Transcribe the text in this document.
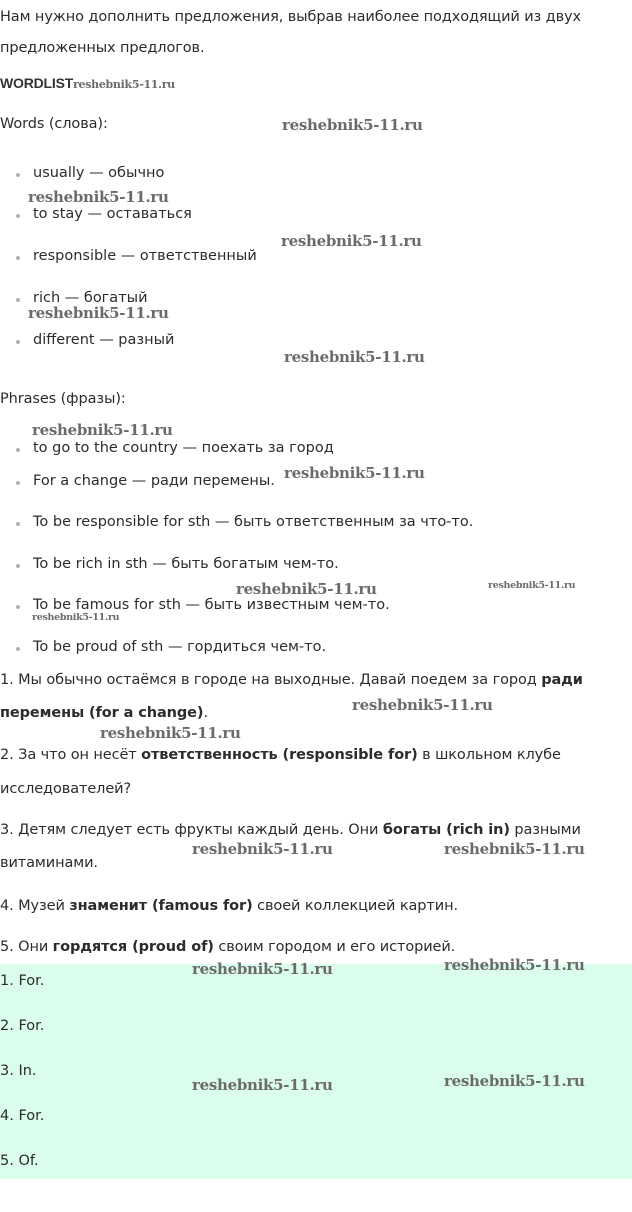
Нам нужно дополнить предложения, выбрав наиболее подходящий из двух
предложенных предлогов.
WORDLISTreshebnik5-11.ru
Words (слова):
usually — обычно
to stay — оставаться
responsible — ответственный
rich — богатый
different — разный
Phrases (фразы):
to go to the country — поехать за город
For a change — ради перемены.
To be responsible for sth — быть ответственным за что-то.
To be rich in sth — быть богатым чем-то.
To be famous for sth — быть известным чем-то.
To be proud of sth — гордиться чем-то.
1. Мы обычно остаёмся в городе на выходные. Давай поедем за город ради
перемены (for a change).
2. За что он несёт ответственность (responsible for) в школьном клубе
исследователей?
3. Детям следует есть фрукты каждый день. Они богаты (rich in) разными
витаминами.
4. Музей знаменит (famous for) своей коллекцией картин.
5. Они гордятся (proud of) своим городом и его историей.
1. For.
2. For.
3. In.
4. For.
5. Of.
reshebnik5-11.ru
reshebnik5-11.ru
reshebnik5-11.ru
reshebnik5-11.ru
reshebnik5-11.ru
reshebnik5-11.ru
reshebnik5-11.ru
reshebnik5-11.ru	reshebnik5-11.ru
reshebnik5-11.ru
reshebnik5-11.ru
reshebnik5-11.ru
reshebnik5-11.ru	reshebnik5-11.ru
reshebnik5-11.ru	reshebnik5-11.ru
reshebnik5-11.ru	reshebnik5-11.ru
